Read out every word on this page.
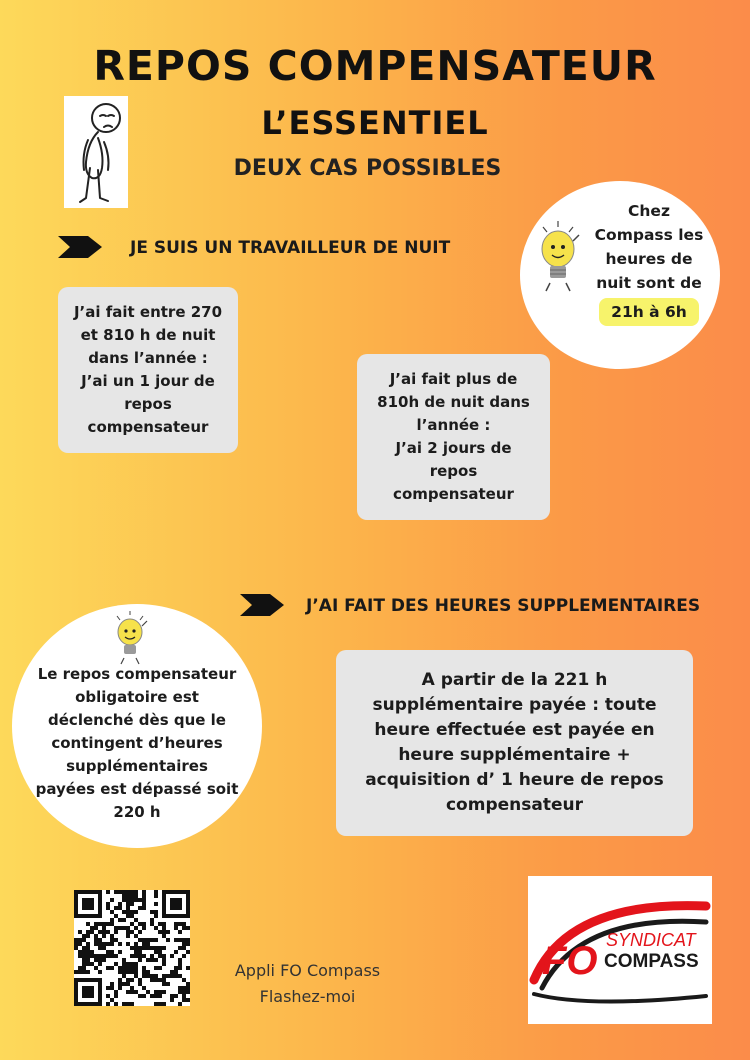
REPOS COMPENSATEUR
L’ESSENTIEL
DEUX CAS POSSIBLES
JE SUIS UN TRAVAILLEUR DE NUIT
Chez
Compass les
heures de
nuit sont de
21h à 6h
J’ai fait entre 270
et 810 h de nuit
dans l’année :
J’ai un 1 jour de
repos
compensateur
J’ai fait plus de
810h de nuit dans
l’année :
J’ai 2 jours de
repos
compensateur
J’AI FAIT DES HEURES SUPPLEMENTAIRES
Le repos compensateur
obligatoire est
déclenché dès que le
contingent d’heures
supplémentaires
payées est dépassé soit
220 h
A partir de la 221 h
supplémentaire payée : toute
heure effectuée est payée en
heure supplémentaire +
acquisition d’ 1 heure de repos
compensateur
Appli FO Compass
Flashez-moi
FO SYNDICAT
COMPASS
